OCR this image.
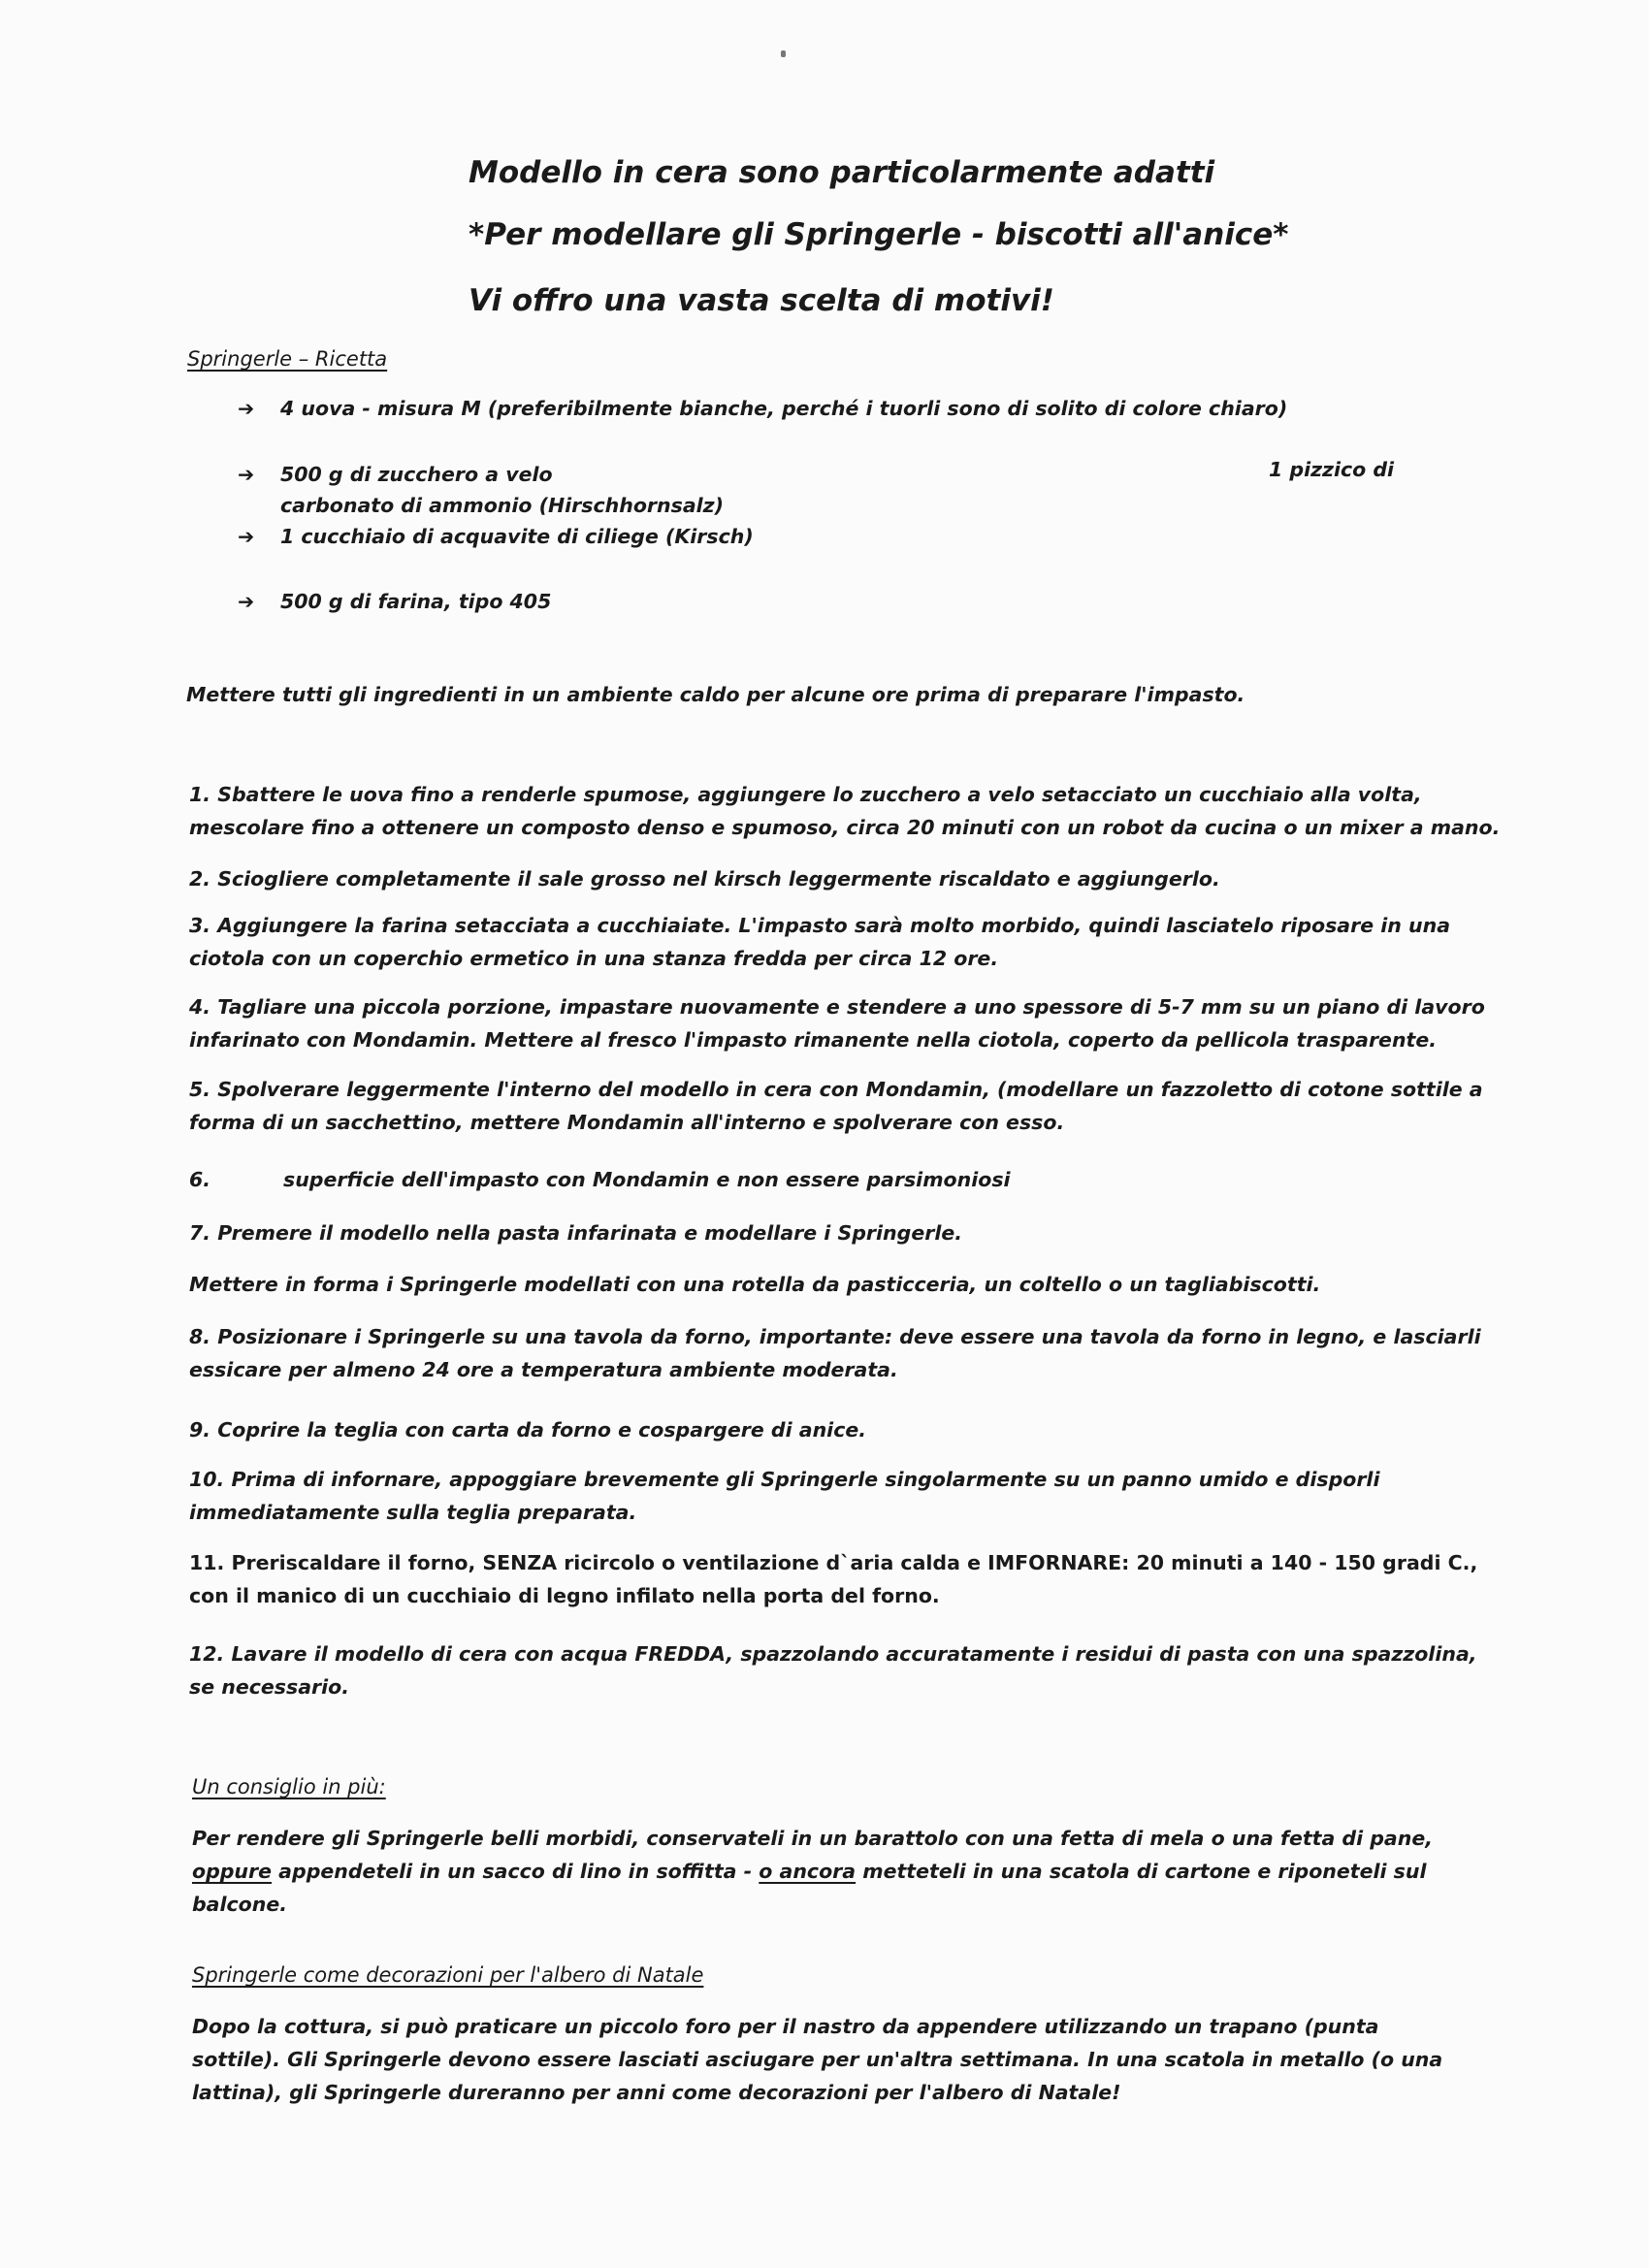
Modello in cera sono particolarmente adatti
*Per modellare gli Springerle - biscotti all'anice*
Vi offro una vasta scelta di motivi!
Springerle – Ricetta
➔ 4 uova - misura M (preferibilmente bianche, perché i tuorli sono di solito di colore chiaro)
➔ 500 g di zucchero a velo
carbonato di ammonio (Hirschhornsalz)
1 pizzico di
➔ 1 cucchiaio di acquavite di ciliege (Kirsch)
➔ 500 g di farina, tipo 405
Mettere tutti gli ingredienti in un ambiente caldo per alcune ore prima di preparare l'impasto.
1. Sbattere le uova fino a renderle spumose, aggiungere lo zucchero a velo setacciato un cucchiaio alla volta, mescolare fino a ottenere un composto denso e spumoso, circa 20 minuti con un robot da cucina o un mixer a mano.
2. Sciogliere completamente il sale grosso nel kirsch leggermente riscaldato e aggiungerlo.
3. Aggiungere la farina setacciata a cucchiaiate. L'impasto sarà molto morbido, quindi lasciatelo riposare in una ciotola con un coperchio ermetico in una stanza fredda per circa 12 ore.
4. Tagliare una piccola porzione, impastare nuovamente e stendere a uno spessore di 5-7 mm su un piano di lavoro infarinato con Mondamin. Mettere al fresco l'impasto rimanente nella ciotola, coperto da pellicola trasparente.
5. Spolverare leggermente l'interno del modello in cera con Mondamin, (modellare un fazzoletto di cotone sottile a forma di un sacchettino, mettere Mondamin all'interno e spolverare con esso.
6.	superficie dell'impasto con Mondamin e non essere parsimoniosi
7. Premere il modello nella pasta infarinata e modellare i Springerle.
Mettere in forma i Springerle modellati con una rotella da pasticceria, un coltello o un tagliabiscotti.
8. Posizionare i Springerle su una tavola da forno, importante: deve essere una tavola da forno in legno, e lasciarli essicare per almeno 24 ore a temperatura ambiente moderata.
9. Coprire la teglia con carta da forno e cospargere di anice.
10. Prima di infornare, appoggiare brevemente gli Springerle singolarmente su un panno umido e disporli immediatamente sulla teglia preparata.
11. Preriscaldare il forno, SENZA ricircolo o ventilazione d`aria calda e IMFORNARE: 20 minuti a 140 - 150 gradi C., con il manico di un cucchiaio di legno infilato nella porta del forno.
12. Lavare il modello di cera con acqua FREDDA, spazzolando accuratamente i residui di pasta con una spazzolina, se necessario.
Un consiglio in più:
Per rendere gli Springerle belli morbidi, conservateli in un barattolo con una fetta di mela o una fetta di pane, oppure appendeteli in un sacco di lino in soffitta - o ancora metteteli in una scatola di cartone e riponeteli sul balcone.
Springerle come decorazioni per l'albero di Natale
Dopo la cottura, si può praticare un piccolo foro per il nastro da appendere utilizzando un trapano (punta sottile). Gli Springerle devono essere lasciati asciugare per un'altra settimana. In una scatola in metallo (o una lattina), gli Springerle dureranno per anni come decorazioni per l'albero di Natale!
